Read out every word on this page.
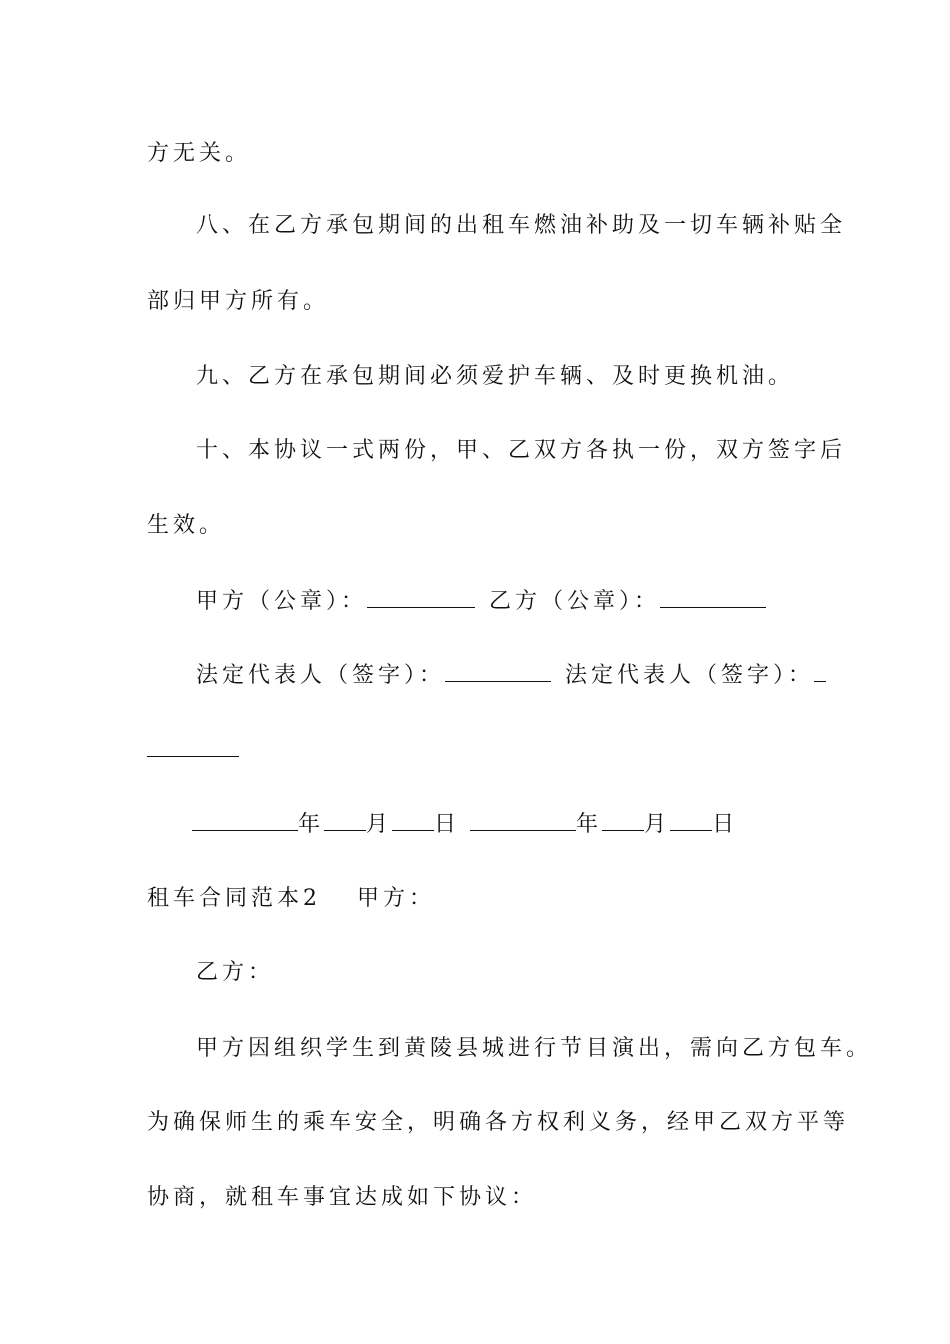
方无关。
八、在乙方承包期间的出租车燃油补助及一切车辆补贴全
部归甲方所有。
九、乙方在承包期间必须爱护车辆、及时更换机油。
十、本协议一式两份，甲、乙双方各执一份，双方签字后
生效。
甲方（公章）：	乙方（公章）：
法定代表人（签字）：	法定代表人（签字）：
年 月 日	年 月 日
租车合同范本2 甲方：
乙方：
甲方因组织学生到黄陵县城进行节目演出，需向乙方包车。
为确保师生的乘车安全，明确各方权利义务，经甲乙双方平等
协商，就租车事宜达成如下协议：
